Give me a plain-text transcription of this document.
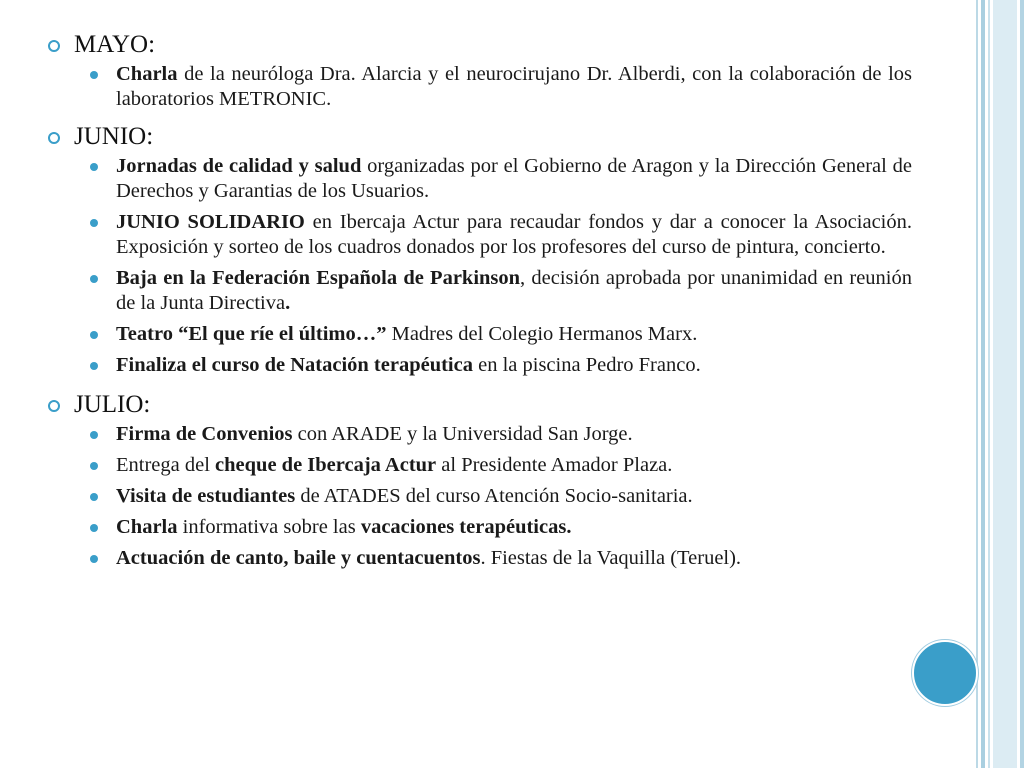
MAYO:

Charla de la neuróloga Dra. Alarcia y el neurocirujano Dr. Alberdi, con la colaboración de los laboratorios METRONIC.

JUNIO:

Jornadas de calidad y salud organizadas por el Gobierno de Aragon y la Dirección General de Derechos y Garantias de los Usuarios.
JUNIO SOLIDARIO en Ibercaja Actur para recaudar fondos y dar a conocer la Asociación. Exposición y sorteo de los cuadros donados por los profesores del curso de pintura, concierto.
Baja en la Federación Española de Parkinson, decisión aprobada por unanimidad en reunión de la Junta Directiva.
Teatro “El que ríe el último…” Madres del Colegio Hermanos Marx.
Finaliza el curso de Natación terapéutica en la piscina Pedro Franco.

JULIO:

Firma de Convenios con ARADE y la Universidad San Jorge.
Entrega del cheque de Ibercaja Actur al Presidente Amador Plaza.
Visita de estudiantes de ATADES del curso Atención Socio-sanitaria.
Charla informativa sobre las vacaciones terapéuticas.
Actuación de canto, baile y cuentacuentos. Fiestas de la Vaquilla (Teruel).
